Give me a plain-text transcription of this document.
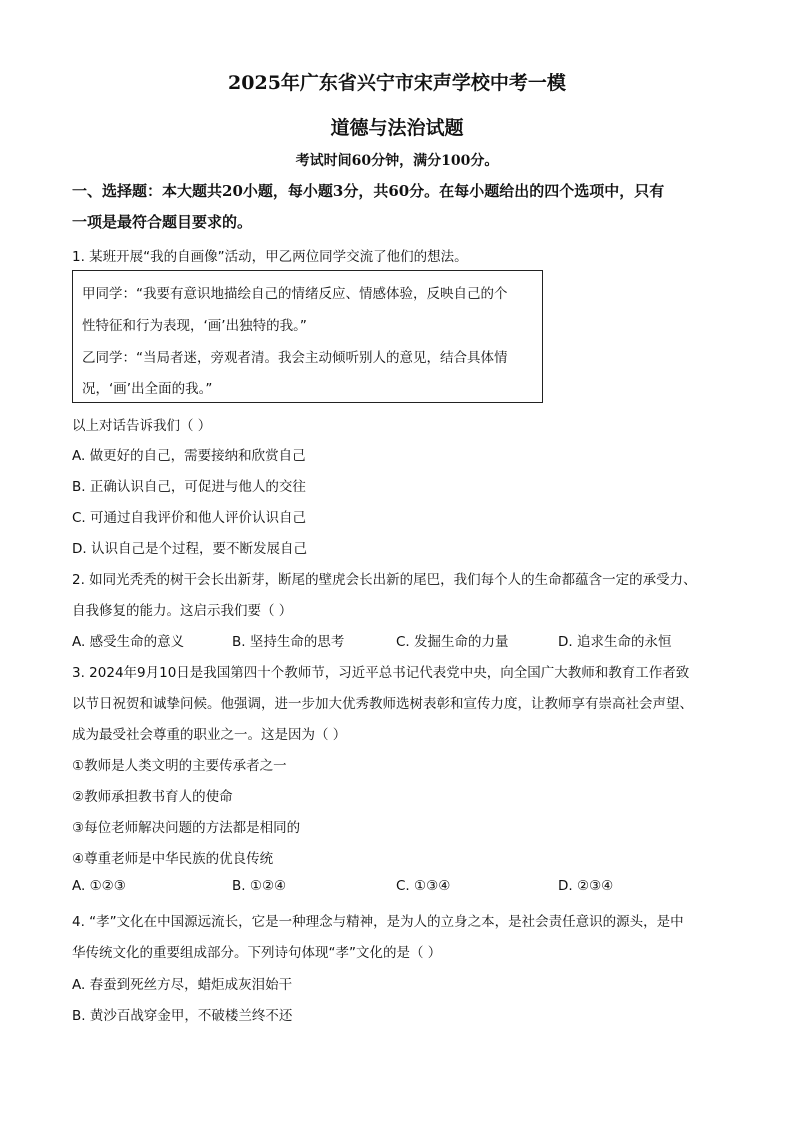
2025年广东省兴宁市宋声学校中考一模
道德与法治试题
考试时间60分钟，满分100分。
一、选择题：本大题共20小题，每小题3分，共60分。在每小题给出的四个选项中，只有
一项是最符合题目要求的。
1. 某班开展“我的自画像”活动，甲乙两位同学交流了他们的想法。
甲同学：“我要有意识地描绘自己的情绪反应、情感体验，反映自己的个
性特征和行为表现，‘画’出独特的我。”
乙同学：“当局者迷，旁观者清。我会主动倾听别人的意见，结合具体情
况，‘画’出全面的我。”
以上对话告诉我们（ ）
A. 做更好的自己，需要接纳和欣赏自己
B. 正确认识自己，可促进与他人的交往
C. 可通过自我评价和他人评价认识自己
D. 认识自己是个过程，要不断发展自己
2. 如同光秃秃的树干会长出新芽，断尾的壁虎会长出新的尾巴，我们每个人的生命都蕴含一定的承受力、
自我修复的能力。这启示我们要（ ）
A. 感受生命的意义	B. 坚持生命的思考	C. 发掘生命的力量	D. 追求生命的永恒
3. 2024年9月10日是我国第四十个教师节，习近平总书记代表党中央，向全国广大教师和教育工作者致
以节日祝贺和诚挚问候。他强调，进一步加大优秀教师选树表彰和宣传力度，让教师享有崇高社会声望、
成为最受社会尊重的职业之一。这是因为（ ）
①教师是人类文明的主要传承者之一
②教师承担教书育人的使命
③每位老师解决问题的方法都是相同的
④尊重老师是中华民族的优良传统
A. ①②③	B. ①②④	C. ①③④	D. ②③④
4. “孝”文化在中国源远流长，它是一种理念与精神，是为人的立身之本，是社会责任意识的源头，是中
华传统文化的重要组成部分。下列诗句体现“孝”文化的是（ ）
A. 春蚕到死丝方尽，蜡炬成灰泪始干
B. 黄沙百战穿金甲，不破楼兰终不还
